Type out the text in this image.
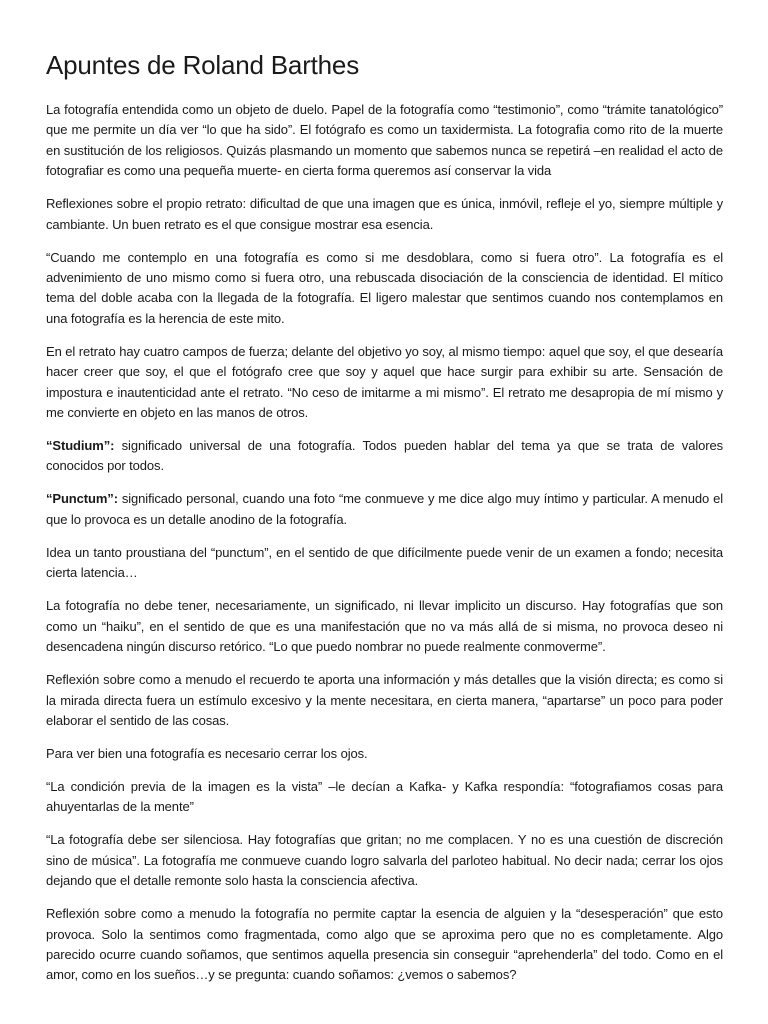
Apuntes de Roland Barthes

La fotografía entendida como un objeto de duelo. Papel de la fotografía como “testimonio”, como “trámite tanatológico” que me permite un día ver “lo que ha sido”. El fotógrafo es como un taxidermista. La fotografia como rito de la muerte en sustitución de los religiosos. Quizás plasmando un momento que sabemos nunca se repetirá –en realidad el acto de fotografiar es como una pequeña muerte- en cierta forma queremos así conservar la vida

Reflexiones sobre el propio retrato: dificultad de que una imagen que es única, inmóvil, refleje el yo, siempre múltiple y cambiante. Un buen retrato es el que consigue mostrar esa esencia.

“Cuando me contemplo en una fotografía es como si me desdoblara, como si fuera otro”. La fotografía es el advenimiento de uno mismo como si fuera otro, una rebuscada disociación de la consciencia de identidad. El mítico tema del doble acaba con la llegada de la fotografía. El ligero malestar que sentimos cuando nos contemplamos en una fotografía es la herencia de este mito.

En el retrato hay cuatro campos de fuerza; delante del objetivo yo soy, al mismo tiempo: aquel que soy, el que desearía hacer creer que soy, el que el fotógrafo cree que soy y aquel que hace surgir para exhibir su arte. Sensación de impostura e inautenticidad ante el retrato. “No ceso de imitarme a mi mismo”. El retrato me desapropia de mí mismo y me convierte en objeto en las manos de otros.

“Studium”: significado universal de una fotografía. Todos pueden hablar del tema ya que se trata de valores conocidos por todos.

“Punctum”: significado personal, cuando una foto “me conmueve y me dice algo muy íntimo y particular. A menudo el que lo provoca es un detalle anodino de la fotografía.

Idea un tanto proustiana del “punctum”, en el sentido de que difícilmente puede venir de un examen a fondo; necesita cierta latencia…

La fotografía no debe tener, necesariamente, un significado, ni llevar implicito un discurso. Hay fotografías que son como un “haiku”, en el sentido de que es una manifestación que no va más allá de si misma, no provoca deseo ni desencadena ningún discurso retórico. “Lo que puedo nombrar no puede realmente conmoverme”.

Reflexión sobre como a menudo el recuerdo te aporta una información y más detalles que la visión directa; es como si la mirada directa fuera un estímulo excesivo y la mente necesitara, en cierta manera, “apartarse” un poco para poder elaborar el sentido de las cosas.

Para ver bien una fotografía es necesario cerrar los ojos.

“La condición previa de la imagen es la vista” –le decían a Kafka- y Kafka respondía: “fotografiamos cosas para ahuyentarlas de la mente”

“La fotografía debe ser silenciosa. Hay fotografías que gritan; no me complacen. Y no es una cuestión de discreción sino de música”. La fotografía me conmueve cuando logro salvarla del parloteo habitual. No decir nada; cerrar los ojos dejando que el detalle remonte solo hasta la consciencia afectiva.

Reflexión sobre como a menudo la fotografía no permite captar la esencia de alguien y la “desesperación” que esto provoca. Solo la sentimos como fragmentada, como algo que se aproxima pero que no es completamente. Algo parecido ocurre cuando soñamos, que sentimos aquella presencia sin conseguir “aprehenderla” del todo. Como en el amor, como en los sueños…y se pregunta: cuando soñamos: ¿vemos o sabemos?
